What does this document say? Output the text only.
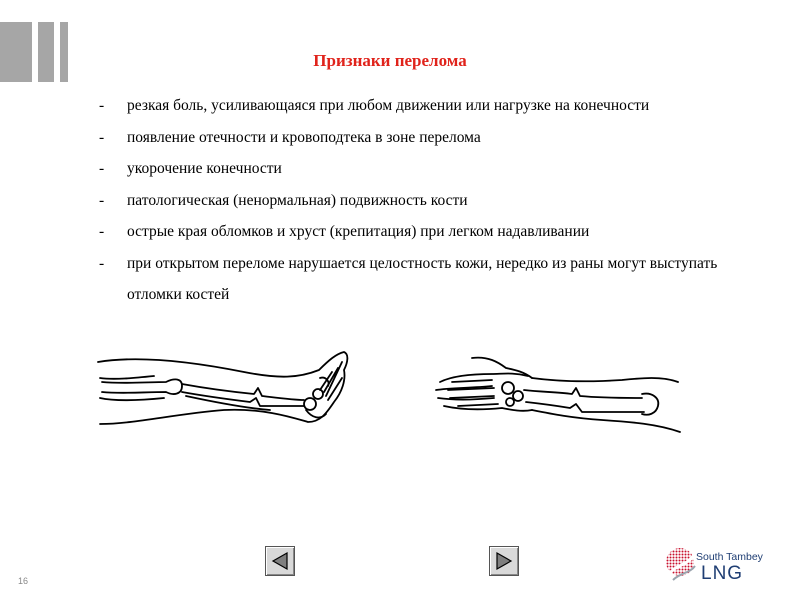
Признаки перелома
- резкая боль, усиливающаяся при любом движении или нагрузке на конечности
- появление отечности и кровоподтека в зоне перелома
- укорочение конечности
- патологическая (ненормальная) подвижность кости
- острые края обломков и хруст (крепитация) при легком надавливании
- при открытом переломе нарушается целостность кожи, нередко из раны могут выступать отломки костей
16
South Tambey
LNG
